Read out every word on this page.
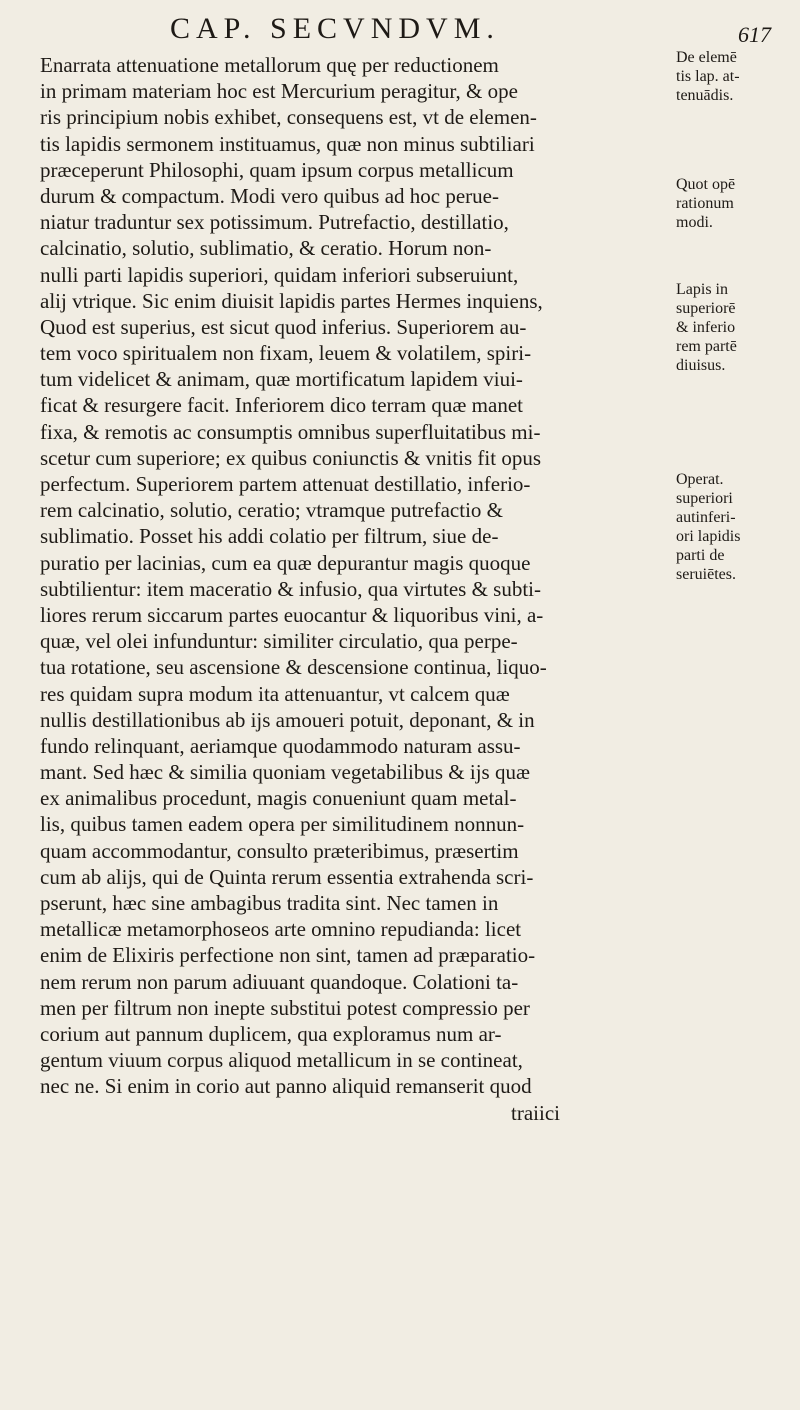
CAP. SECVNDVM.	617
Enarrata attenuatione metallorum quę per reductionem
in primam materiam hoc est Mercurium peragitur, & ope
ris principium nobis exhibet, consequens est, vt de elemen-
tis lapidis sermonem instituamus, quæ non minus subtiliari
præceperunt Philosophi, quam ipsum corpus metallicum
durum & compactum. Modi vero quibus ad hoc perue-
niatur traduntur sex potissimum. Putrefactio, destillatio,
calcinatio, solutio, sublimatio, & ceratio. Horum non-
nulli parti lapidis superiori, quidam inferiori subseruiunt,
alij vtrique. Sic enim diuisit lapidis partes Hermes inquiens,
Quod est superius, est sicut quod inferius. Superiorem au-
tem voco spiritualem non fixam, leuem & volatilem, spiri-
tum videlicet & animam, quæ mortificatum lapidem viui-
ficat & resurgere facit. Inferiorem dico terram quæ manet
fixa, & remotis ac consumptis omnibus superfluitatibus mi-
scetur cum superiore; ex quibus coniunctis & vnitis fit opus
perfectum. Superiorem partem attenuat destillatio, inferio-
rem calcinatio, solutio, ceratio; vtramque putrefactio &
sublimatio. Posset his addi colatio per filtrum, siue de-
puratio per lacinias, cum ea quæ depurantur magis quoque
subtilientur: item maceratio & infusio, qua virtutes & subti-
liores rerum siccarum partes euocantur & liquoribus vini, a-
quæ, vel olei infunduntur: similiter circulatio, qua perpe-
tua rotatione, seu ascensione & descensione continua, liquo-
res quidam supra modum ita attenuantur, vt calcem quæ
nullis destillationibus ab ijs amoueri potuit, deponant, & in
fundo relinquant, aeriamque quodammodo naturam assu-
mant. Sed hæc & similia quoniam vegetabilibus & ijs quæ
ex animalibus procedunt, magis conueniunt quam metal-
lis, quibus tamen eadem opera per similitudinem nonnun-
quam accommodantur, consulto præteribimus, præsertim
cum ab alijs, qui de Quinta rerum essentia extrahenda scri-
pserunt, hæc sine ambagibus tradita sint. Nec tamen in
metallicæ metamorphoseos arte omnino repudianda: licet
enim de Elixiris perfectione non sint, tamen ad præparatio-
nem rerum non parum adiuuant quandoque. Colationi ta-
men per filtrum non inepte substitui potest compressio per
corium aut pannum duplicem, qua exploramus num ar-
gentum viuum corpus aliquod metallicum in se contineat,
nec ne. Si enim in corio aut panno aliquid remanserit quod
traiici
De elemē
tis lap. at-
tenuādis.
Quot opē
rationum
modi.
Lapis in
superiorē
& inferio
rem partē
diuisus.
Operat.
superiori
autinferi-
ori lapidis
parti de
seruiētes.
